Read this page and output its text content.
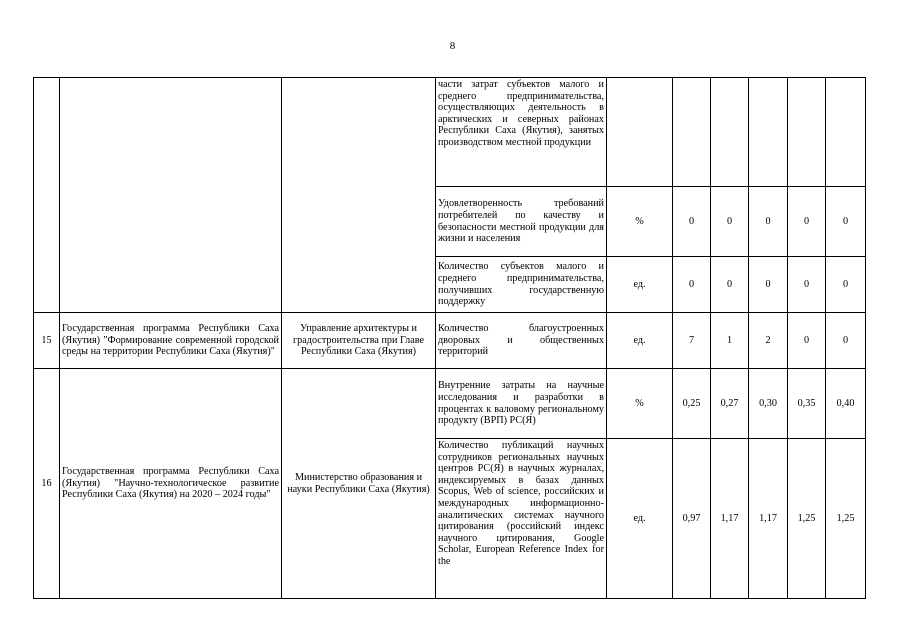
8
			части затрат субъектов малого и среднего предпринимательства, осуществляющих деятельность в арктических и северных районах Республики Саха (Якутия), занятых производством местной продукции						
			Удовлетворенность требований потребителей по качеству и безопасности местной продукции для жизни и населения	%	0	0	0	0	0
			Количество субъектов малого и среднего предпринимательства, получивших государственную поддержку	ед.	0	0	0	0	0
15	Государственная программа Республики Саха (Якутия) "Формирование современной городской среды на территории Республики Саха (Якутия)"	Управление архитектуры и градостроительства при Главе Республики Саха (Якутия)	Количество благоустроенных дворовых и общественных территорий	ед.	7	1	2	0	0
16	Государственная программа Республики Саха (Якутия) "Научно-технологическое развитие Республики Саха (Якутия) на 2020 – 2024 годы"	Министерство образования и науки Республики Саха (Якутия)	Внутренние затраты на научные исследования и разработки в процентах к валовому региональному продукту (ВРП) РС(Я)	%	0,25	0,27	0,30	0,35	0,40
			Количество публикаций научных сотрудников региональных научных центров РС(Я) в научных журналах, индексируемых в базах данных Scopus, Web of science, российских и международных информационно-аналитических системах научного цитирования (российский индекс научного цитирования, Google Scholar, European Reference Index for the	ед.	0,97	1,17	1,17	1,25	1,25
